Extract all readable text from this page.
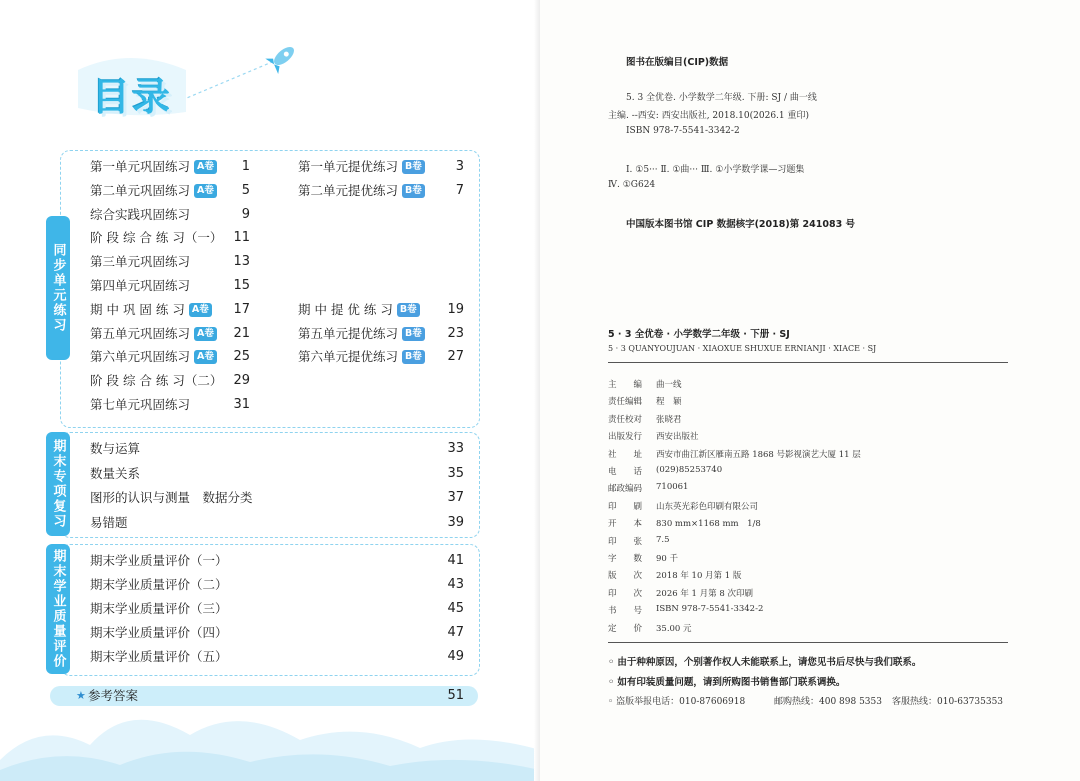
目录
同步单元练习
第一单元巩固练习 A卷	1
第二单元巩固练习 A卷	5
综合实践巩固练习	9
阶 段 综 合 练 习（一） 11
第三单元巩固练习	13
第四单元巩固练习	15
期 中 巩 固 练 习 A卷	17
第五单元巩固练习 A卷	21
第六单元巩固练习 A卷	25
阶 段 综 合 练 习（二） 29
第七单元巩固练习	31
第一单元提优练习 B卷	3
第二单元提优练习 B卷	7
期 中 提 优 练 习 B卷	19
第五单元提优练习 B卷	23
第六单元提优练习 B卷	27
期末专项复习	数与运算	33
数量关系	35
图形的认识与测量　数据分类	37
易错题	39
期末学业质量评价	期末学业质量评价（一）	41
期末学业质量评价（二）	43
期末学业质量评价（三）	45
期末学业质量评价（四）	47
期末学业质量评价（五）	49
★ 参考答案	51
图书在版编目(CIP)数据
5. 3 全优卷. 小学数学二年级. 下册: SJ / 曲一线
主编. --西安: 西安出版社, 2018.10(2026.1 重印)
ISBN 978-7-5541-3342-2
Ⅰ. ①5··· Ⅱ. ①曲··· Ⅲ. ①小学数学课—习题集
Ⅳ. ①G624
中国版本图书馆 CIP 数据核字(2018)第 241083 号
5 · 3 全优卷 · 小学数学二年级 · 下册 · SJ
5 · 3 QUANYOUJUAN · XIAOXUE SHUXUE ERNIANJI · XIACE · SJ
主　　编 曲一线
责任编辑 程　颖
责任校对 张晓君
出版发行 西安出版社
社　　址 西安市曲江新区雁南五路 1868 号影视演艺大厦 11 层
电　　话 (029)85253740
邮政编码 710061
印　　刷 山东英光彩色印刷有限公司
开　　本 830 mm×1168 mm　1/8
印　　张 7.5
字　　数 90 千
版　　次 2018 年 10 月第 1 版
印　　次 2026 年 1 月第 8 次印刷
书　　号 ISBN 978-7-5541-3342-2
定　　价 35.00 元
◦ 由于种种原因，个别著作权人未能联系上，请您见书后尽快与我们联系。
◦ 如有印装质量问题，请到所购图书销售部门联系调换。
◦ 盗版举报电话：010-87606918	邮购热线：400 898 5353 客服热线：010-63735353
